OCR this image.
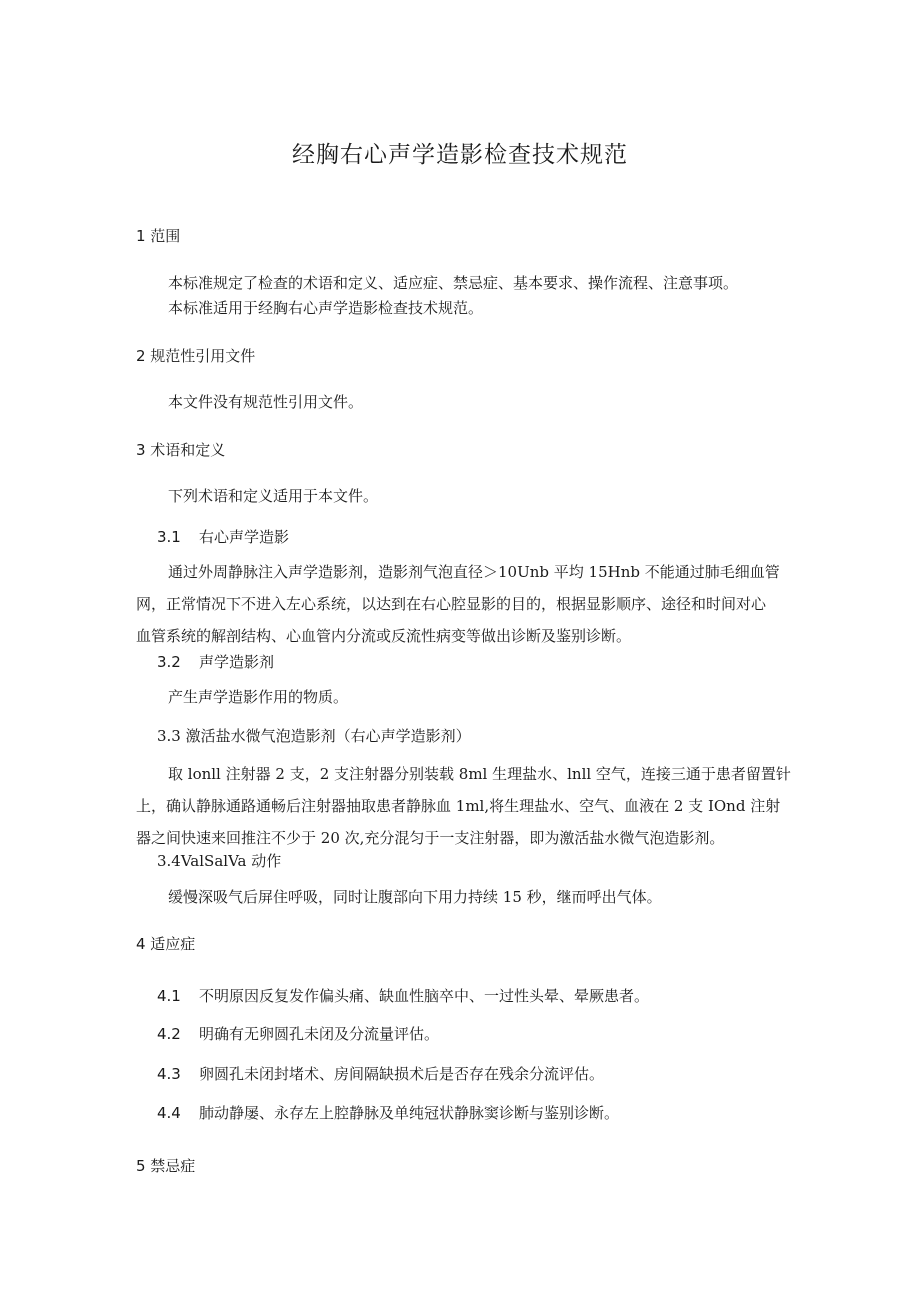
经胸右心声学造影检查技术规范
1 范围
本标准规定了检查的术语和定义、适应症、禁忌症、基本要求、操作流程、注意事项。
本标准适用于经胸右心声学造影检查技术规范。
2 规范性引用文件
本文件没有规范性引用文件。
3 术语和定义
下列术语和定义适用于本文件。
3.1 右心声学造影
通过外周静脉注入声学造影剂，造影剂气泡直径＞10Unb 平均 15Hnb 不能通过肺毛细血管
网，正常情况下不进入左心系统，以达到在右心腔显影的目的，根据显影顺序、途径和时间对心
血管系统的解剖结构、心血管内分流或反流性病变等做出诊断及鉴别诊断。
3.2 声学造影剂
产生声学造影作用的物质。
3.3 激活盐水微气泡造影剂（右心声学造影剂）
取 lonll 注射器 2 支，2 支注射器分别装载 8ml 生理盐水、lnll 空气，连接三通于患者留置针
上，确认静脉通路通畅后注射器抽取患者静脉血 1ml,将生理盐水、空气、血液在 2 支 IOnd 注射
器之间快速来回推注不少于 20 次,充分混匀于一支注射器，即为激活盐水微气泡造影剂。
3.4ValSalVa 动作
缓慢深吸气后屏住呼吸，同时让腹部向下用力持续 15 秒，继而呼出气体。
4 适应症
4.1 不明原因反复发作偏头痛、缺血性脑卒中、一过性头晕、晕厥患者。
4.2 明确有无卵圆孔未闭及分流量评估。
4.3 卵圆孔未闭封堵术、房间隔缺损术后是否存在残余分流评估。
4.4 肺动静屡、永存左上腔静脉及单纯冠状静脉窦诊断与鉴别诊断。
5 禁忌症
